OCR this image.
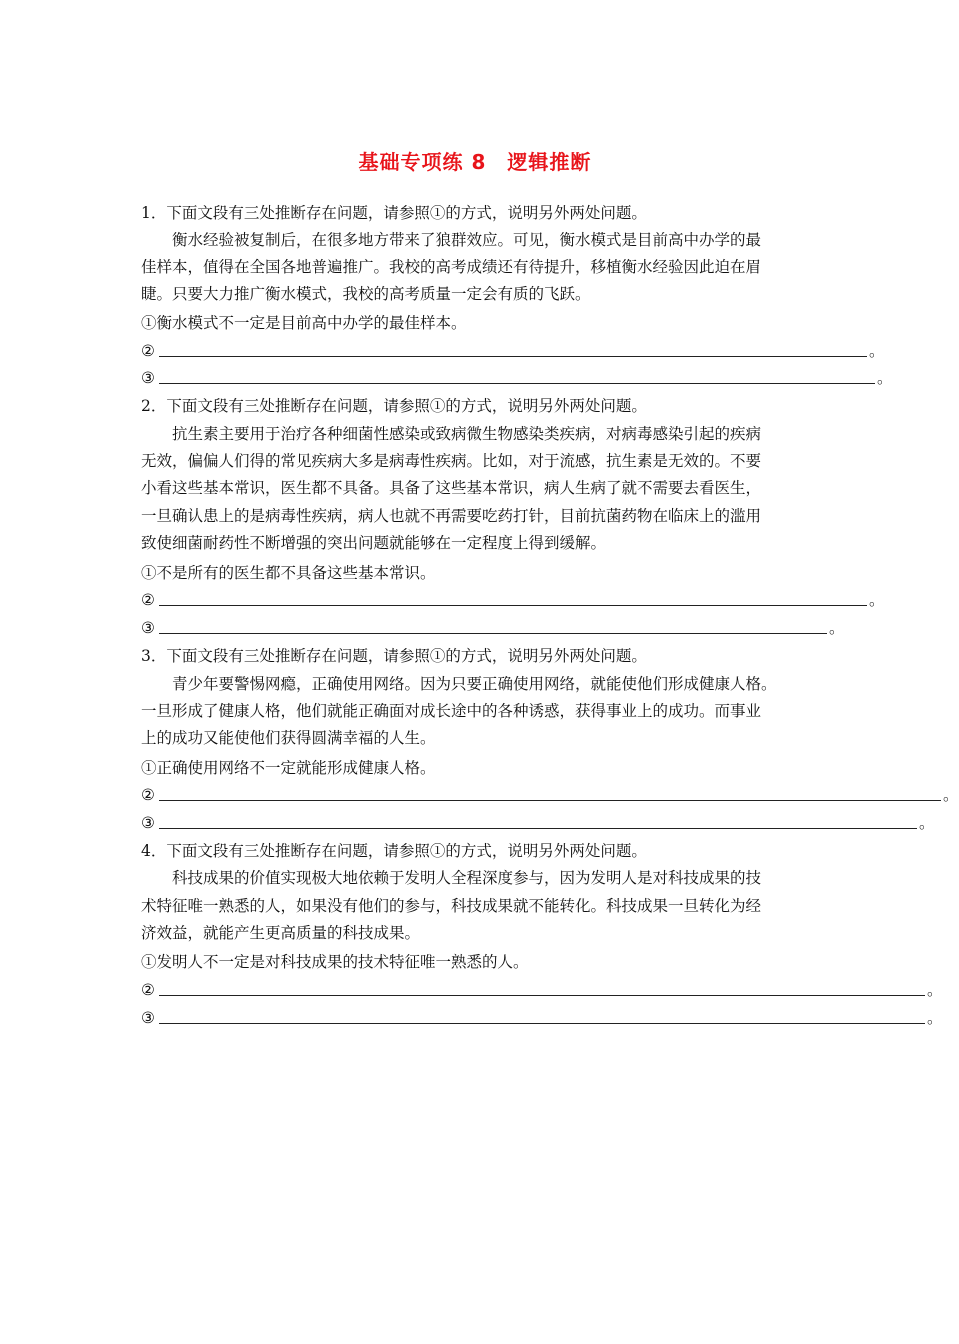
基础专项练 8　逻辑推断
1．下面文段有三处推断存在问题，请参照①的方式，说明另外两处问题。
衡水经验被复制后，在很多地方带来了狼群效应。可见，衡水模式是目前高中办学的最
佳样本，值得在全国各地普遍推广。我校的高考成绩还有待提升，移植衡水经验因此迫在眉
睫。只要大力推广衡水模式，我校的高考质量一定会有质的飞跃。
①衡水模式不一定是目前高中办学的最佳样本。
②	。
③	。
2．下面文段有三处推断存在问题，请参照①的方式，说明另外两处问题。
抗生素主要用于治疗各种细菌性感染或致病微生物感染类疾病，对病毒感染引起的疾病
无效，偏偏人们得的常见疾病大多是病毒性疾病。比如，对于流感，抗生素是无效的。不要
小看这些基本常识，医生都不具备。具备了这些基本常识，病人生病了就不需要去看医生，
一旦确认患上的是病毒性疾病，病人也就不再需要吃药打针，目前抗菌药物在临床上的滥用
致使细菌耐药性不断增强的突出问题就能够在一定程度上得到缓解。
①不是所有的医生都不具备这些基本常识。
②	。
③	。
3．下面文段有三处推断存在问题，请参照①的方式，说明另外两处问题。
青少年要警惕网瘾，正确使用网络。因为只要正确使用网络，就能使他们形成健康人格。
一旦形成了健康人格，他们就能正确面对成长途中的各种诱惑，获得事业上的成功。而事业
上的成功又能使他们获得圆满幸福的人生。
①正确使用网络不一定就能形成健康人格。
②	。
③	。
4．下面文段有三处推断存在问题，请参照①的方式，说明另外两处问题。
科技成果的价值实现极大地依赖于发明人全程深度参与，因为发明人是对科技成果的技
术特征唯一熟悉的人，如果没有他们的参与，科技成果就不能转化。科技成果一旦转化为经
济效益，就能产生更高质量的科技成果。
①发明人不一定是对科技成果的技术特征唯一熟悉的人。
②	。
③	。
